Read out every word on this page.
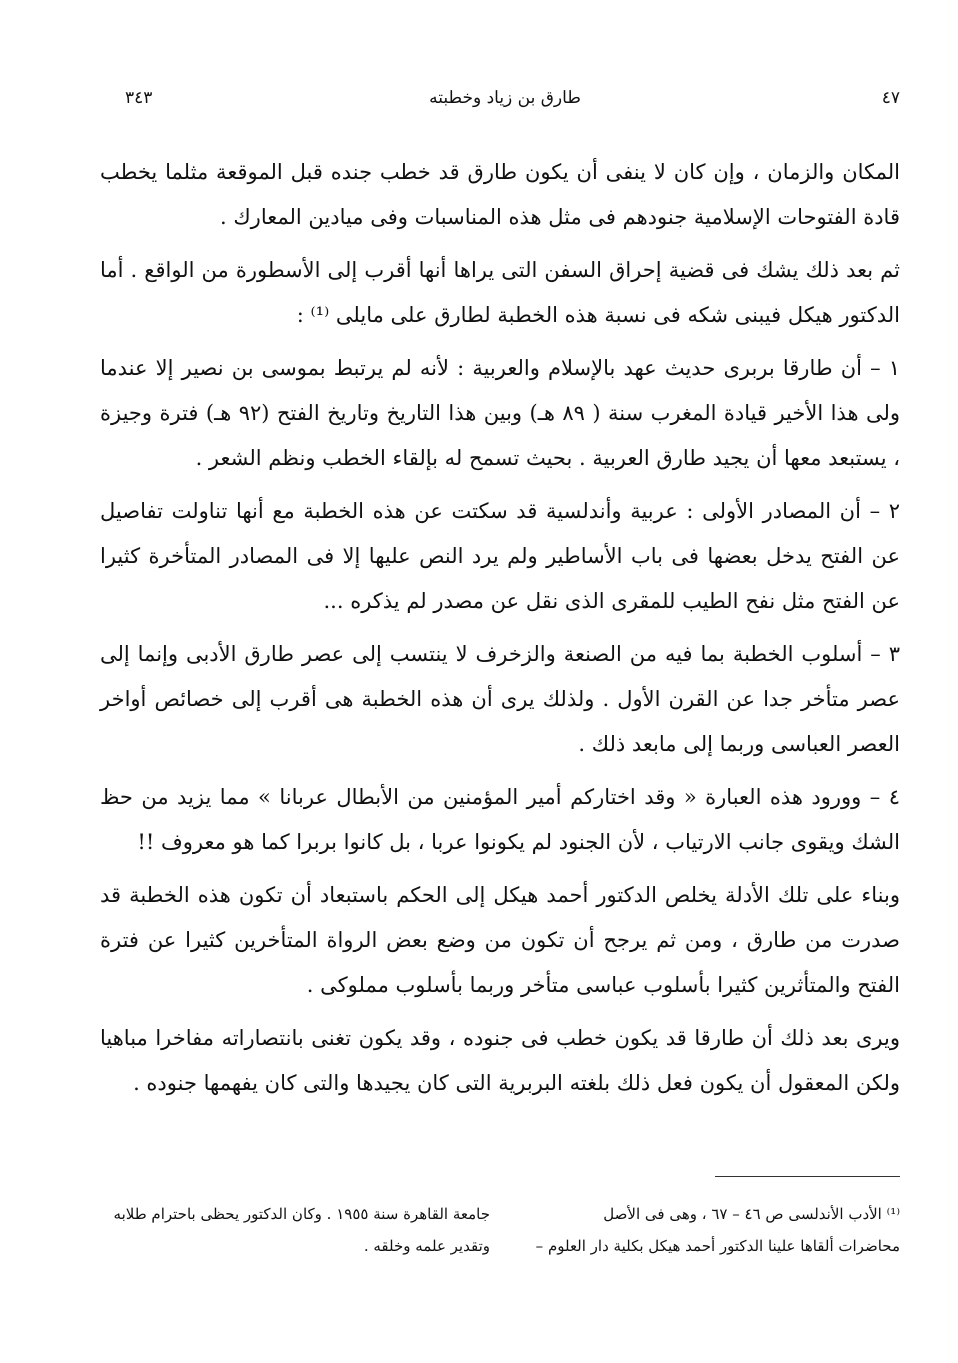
٣٤٣	طارق بن زياد وخطبته	٤٧

المكان والزمان ، وإن كان لا ينفى أن يكون طارق قد خطب جنده قبل الموقعة مثلما يخطب قادة الفتوحات الإسلامية جنودهم فى مثل هذه المناسبات وفى ميادين المعارك .

ثم بعد ذلك يشك فى قضية إحراق السفن التى يراها أنها أقرب إلى الأسطورة من الواقع . أما الدكتور هيكل فيبنى شكه فى نسبة هذه الخطبة لطارق على مايلى ⁽¹⁾ :

١ – أن طارقا بربرى حديث عهد بالإسلام والعربية : لأنه لم يرتبط بموسى بن نصير إلا عندما ولى هذا الأخير قيادة المغرب سنة ( ٨٩ هـ) وبين هذا التاريخ وتاريخ الفتح (٩٢ هـ) فترة وجيزة ، يستبعد معها أن يجيد طارق العربية . بحيث تسمح له بإلقاء الخطب ونظم الشعر .

٢ – أن المصادر الأولى : عربية وأندلسية قد سكتت عن هذه الخطبة مع أنها تناولت تفاصيل عن الفتح يدخل بعضها فى باب الأساطير ولم يرد النص عليها إلا فى المصادر المتأخرة كثيرا عن الفتح مثل نفح الطيب للمقرى الذى نقل عن مصدر لم يذكره ...

٣ – أسلوب الخطبة بما فيه من الصنعة والزخرف لا ينتسب إلى عصر طارق الأدبى وإنما إلى عصر متأخر جدا عن القرن الأول . ولذلك يرى أن هذه الخطبة هى أقرب إلى خصائص أواخر العصر العباسى وربما إلى مابعد ذلك .

٤ – وورود هذه العبارة « وقد اختاركم أمير المؤمنين من الأبطال عربانا » مما يزيد من حظ الشك ويقوى جانب الارتياب ، لأن الجنود لم يكونوا عربا ، بل كانوا بربرا كما هو معروف !!

وبناء على تلك الأدلة يخلص الدكتور أحمد هيكل إلى الحكم باستبعاد أن تكون هذه الخطبة قد صدرت من طارق ، ومن ثم يرجح أن تكون من وضع بعض الرواة المتأخرين كثيرا عن فترة الفتح والمتأثرين كثيرا بأسلوب عباسى متأخر وربما بأسلوب مملوكى .

ويرى بعد ذلك أن طارقا قد يكون خطب فى جنوده ، وقد يكون تغنى بانتصاراته مفاخرا مباهيا ولكن المعقول أن يكون فعل ذلك بلغته البربرية التى كان يجيدها والتى كان يفهمها جنوده .

⁽¹⁾ الأدب الأندلسى ص ٤٦ – ٦٧ ، وهى فى الأصل
محاضرات ألقاها علينا الدكتور أحمد هيكل بكلية دار العلوم –
جامعة القاهرة سنة ١٩٥٥ . وكان الدكتور يحظى باحترام طلابه
وتقدير علمه وخلقه .
